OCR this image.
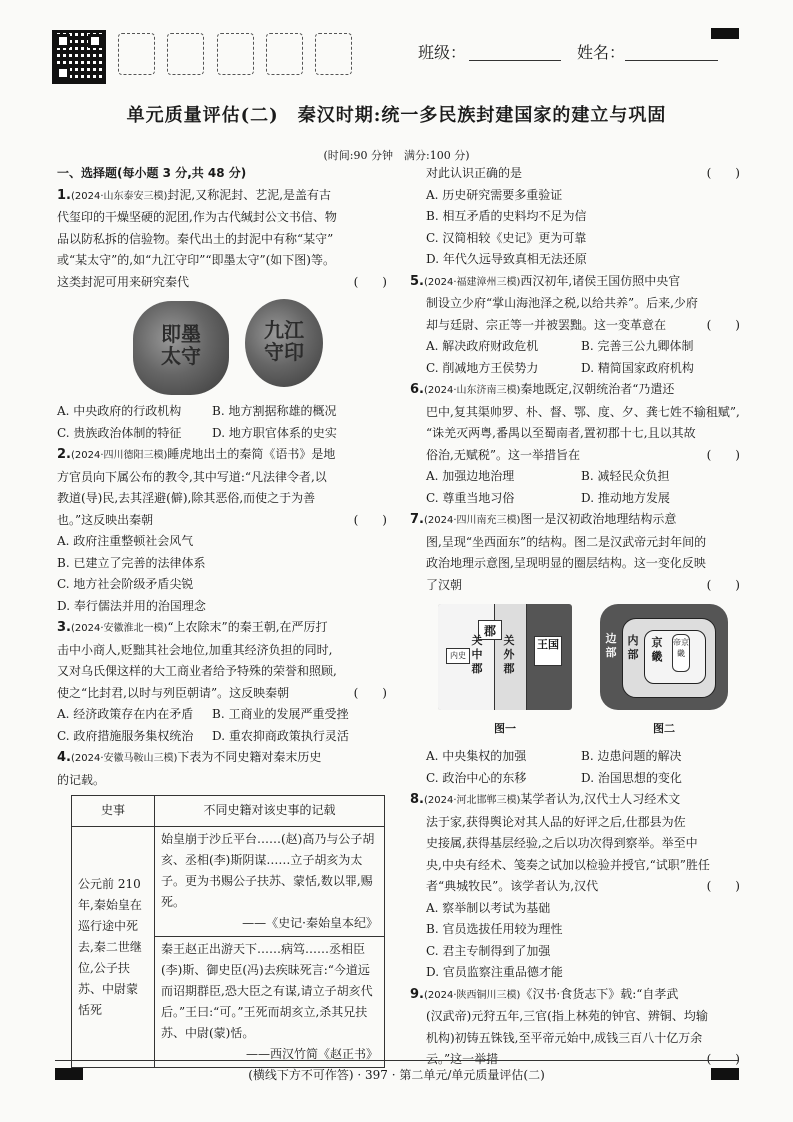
班级：	姓名：
单元质量评估(二)　秦汉时期:统一多民族封建国家的建立与巩固
(时间:90 分钟　满分:100 分)

一、选择题(每小题 3 分,共 48 分)

1.(2024·山东泰安三模)封泥,又称泥封、艺泥,是盖有古

代玺印的干燥坚硬的泥团,作为古代缄封公文书信、物

品以防私拆的信验物。秦代出土的封泥中有称“某守”

或“某太守”的,如“九江守印”“即墨太守”(如下图)等。

这类封泥可用来研究秦代	(　　)

即墨
太守
九江
守印

A. 中央政府的行政机构	B. 地方割据称雄的概况

C. 贵族政治体制的特征	D. 地方职官体系的史实

2.(2024·四川德阳三模)睡虎地出土的秦简《语书》是地

方官员向下属公布的教令,其中写道:“凡法律令者,以

教道(导)民,去其淫避(僻),除其恶俗,而使之于为善

也。”这反映出秦朝	(　　)

A. 政府注重整顿社会风气

B. 已建立了完善的法律体系

C. 地方社会阶级矛盾尖锐

D. 奉行儒法并用的治国理念

3.(2024·安徽淮北一模)“上农除末”的秦王朝,在严厉打

击中小商人,贬黜其社会地位,加重其经济负担的同时,

又对乌氏倮这样的大工商业者给予特殊的荣誉和照顾,

使之“比封君,以时与列臣朝请”。这反映秦朝	(　　)

A. 经济政策存在内在矛盾 B. 工商业的发展严重受挫

C. 政府措施服务集权统治 D. 重农抑商政策执行灵活

4.(2024·安徽马鞍山三模)下表为不同史籍对秦末历史

的记载。

史事	不同史籍对该史事的记载
公元前 210 年,秦始皇在巡行途中死去,秦二世继位,公子扶苏、中尉蒙恬死	始皇崩于沙丘平台……(赵)高乃与公子胡亥、丞相(李)斯阴谋……立子胡亥为太子。更为书赐公子扶苏、蒙恬,数以罪,赐死。
——《史记·秦始皇本纪》

	秦王赵正出游天下……病笃……丞相臣(李)斯、御史臣(冯)去疾昧死言:“今道远而诏期群臣,恐大臣之有谋,请立子胡亥代后。”王曰:“可。”王死而胡亥立,杀其兄扶苏、中尉(蒙)恬。
——西汉竹简《赵正书》

对此认识正确的是	(　　)

A. 历史研究需要多重验证

B. 相互矛盾的史料均不足为信

C. 汉简相较《史记》更为可靠

D. 年代久远导致真相无法还原

5.(2024·福建漳州三模)西汉初年,诸侯王国仿照中央官

制设立少府“掌山海池泽之税,以给共养”。后来,少府

却与廷尉、宗正等一并被罢黜。这一变革意在	(　　)

A. 解决政府财政危机	B. 完善三公九卿体制

C. 削减地方王侯势力	D. 精简国家政府机构

6.(2024·山东济南三模)秦地既定,汉朝统治者“乃遣还

巴中,复其渠帅罗、朴、督、鄂、度、夕、龚七姓不输租赋”,

“诛羌灭两粤,番禺以至蜀南者,置初郡十七,且以其故

俗治,无赋税”。这一举措旨在	(　　)

A. 加强边地治理	B. 减轻民众负担

C. 尊重当地习俗	D. 推动地方发展

7.(2024·四川南充三模)图一是汉初政治地理结构示意

图,呈现“坐西面东”的结构。图二是汉武帝元封年间的

政治地理示意图,呈现明显的圈层结构。这一变化反映

了汉朝	(　　)

郡
内史
关中郡
关外郡
王国
图一
边部
内部
京畿
帝京畿
图二

A. 中央集权的加强	B. 边患问题的解决

C. 政治中心的东移	D. 治国思想的变化

8.(2024·河北邯郸三模)某学者认为,汉代士人习经术文

法于家,获得舆论对其人品的好评之后,仕郡县为佐

史接属,获得基层经验,之后以功次得到察举。举至中

央,中央有经术、笺奏之试加以检验并授官,“试职”胜任

者“典城牧民”。该学者认为,汉代	(　　)

A. 察举制以考试为基础

B. 官员选拔任用较为理性

C. 君主专制得到了加强

D. 官员监察注重品德才能

9.(2024·陕西铜川三模)《汉书·食货志下》载:“自孝武

(汉武帝)元狩五年,三官(指上林苑的钟官、辨铜、均输

机构)初铸五铢钱,至平帝元始中,成钱三百八十亿万余

云。”这一举措	(　　)

(横线下方不可作答) · 397 · 第二单元/单元质量评估(二)
